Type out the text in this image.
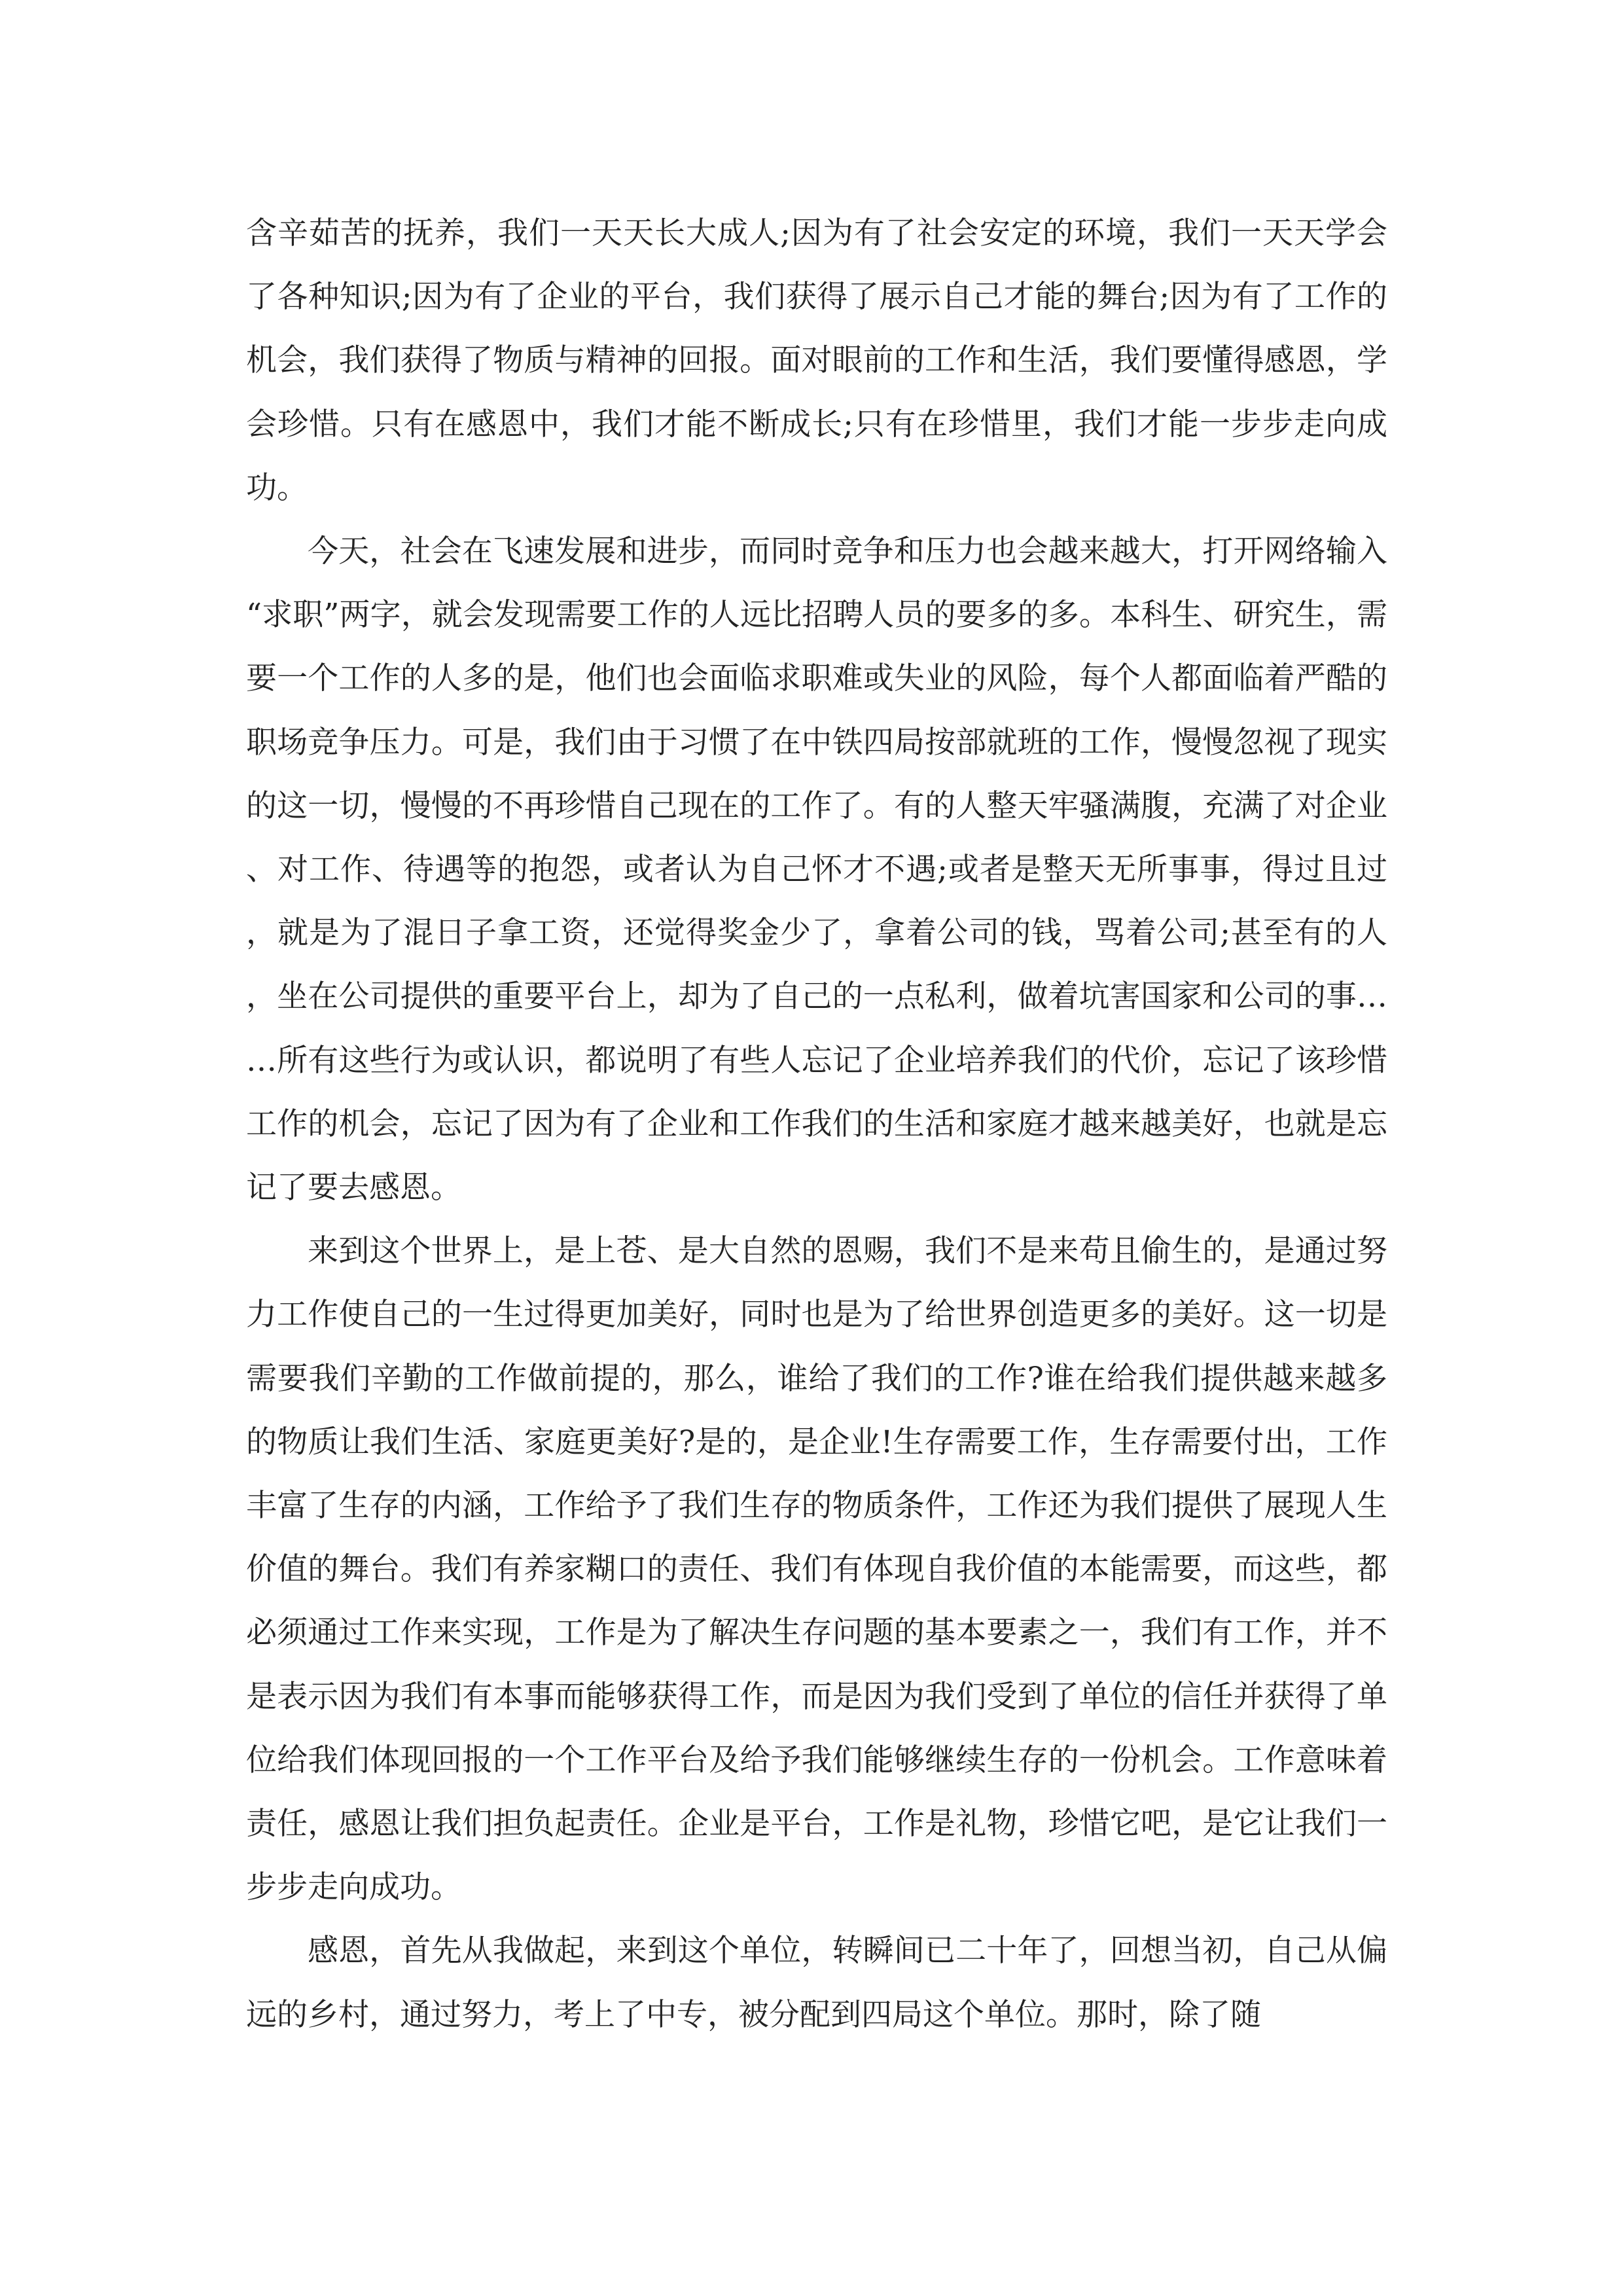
含辛茹苦的抚养，我们一天天长大成人;因为有了社会安定的环境，我们一天天学会了各种知识;因为有了企业的平台，我们获得了展示自己才能的舞台;因为有了工作的机会，我们获得了物质与精神的回报。面对眼前的工作和生活，我们要懂得感恩，学会珍惜。只有在感恩中，我们才能不断成长;只有在珍惜里，我们才能一步步走向成功。

今天，社会在飞速发展和进步，而同时竞争和压力也会越来越大，打开网络输入“求职”两字，就会发现需要工作的人远比招聘人员的要多的多。本科生、研究生，需要一个工作的人多的是，他们也会面临求职难或失业的风险，每个人都面临着严酷的职场竞争压力。可是，我们由于习惯了在中铁四局按部就班的工作，慢慢忽视了现实的这一切，慢慢的不再珍惜自己现在的工作了。有的人整天牢骚满腹，充满了对企业、对工作、待遇等的抱怨，或者认为自己怀才不遇;或者是整天无所事事，得过且过，就是为了混日子拿工资，还觉得奖金少了，拿着公司的钱，骂着公司;甚至有的人，坐在公司提供的重要平台上，却为了自己的一点私利，做着坑害国家和公司的事……所有这些行为或认识，都说明了有些人忘记了企业培养我们的代价，忘记了该珍惜工作的机会，忘记了因为有了企业和工作我们的生活和家庭才越来越美好，也就是忘记了要去感恩。

来到这个世界上，是上苍、是大自然的恩赐，我们不是来苟且偷生的，是通过努力工作使自己的一生过得更加美好，同时也是为了给世界创造更多的美好。这一切是需要我们辛勤的工作做前提的，那么，谁给了我们的工作?谁在给我们提供越来越多的物质让我们生活、家庭更美好?是的，是企业!生存需要工作，生存需要付出，工作丰富了生存的内涵，工作给予了我们生存的物质条件，工作还为我们提供了展现人生价值的舞台。我们有养家糊口的责任、我们有体现自我价值的本能需要，而这些，都必须通过工作来实现，工作是为了解决生存问题的基本要素之一，我们有工作，并不是表示因为我们有本事而能够获得工作，而是因为我们受到了单位的信任并获得了单位给我们体现回报的一个工作平台及给予我们能够继续生存的一份机会。工作意味着责任，感恩让我们担负起责任。企业是平台，工作是礼物，珍惜它吧，是它让我们一步步走向成功。

感恩，首先从我做起，来到这个单位，转瞬间已二十年了，回想当初，自己从偏远的乡村，通过努力，考上了中专，被分配到四局这个单位。那时，除了随
